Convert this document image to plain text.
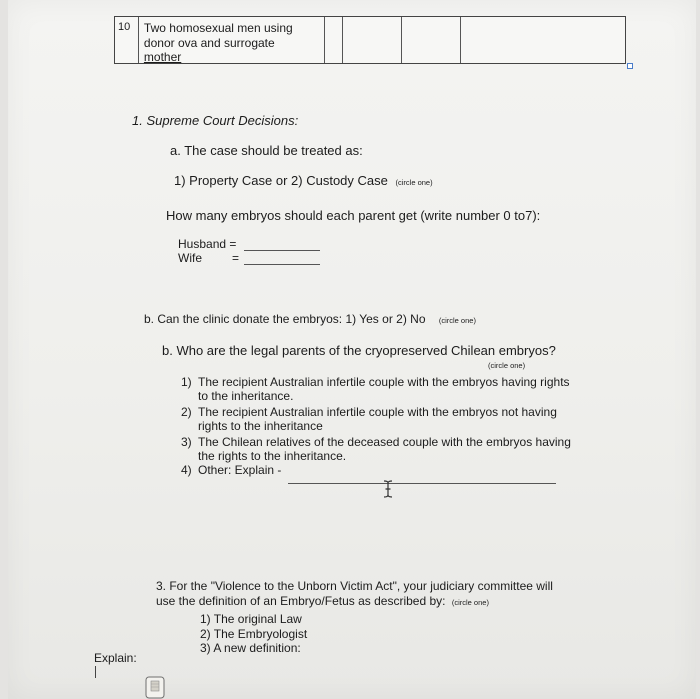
10	Two homosexual men using
donor ova and surrogate
mother
1. Supreme Court Decisions:
a. The case should be treated as:
1) Property Case or 2) Custody Case (circle one)
How many embryos should each parent get (write number 0 to7):
Husband =
Wife	=
b. Can the clinic donate the embryos: 1) Yes or 2) No (circle one)
b. Who are the legal parents of the cryopreserved Chilean embryos?
(circle one)
1) The recipient Australian infertile couple with the embryos having rights
to the inheritance.
2) The recipient Australian infertile couple with the embryos not having
rights to the inheritance
3) The Chilean relatives of the deceased couple with the embryos having
the rights to the inheritance.
4) Other: Explain -
3. For the "Violence to the Unborn Victim Act", your judiciary committee will
use the definition of an Embryo/Fetus as described by: (circle one)
1) The original Law
2) The Embryologist
3) A new definition:
Explain:
